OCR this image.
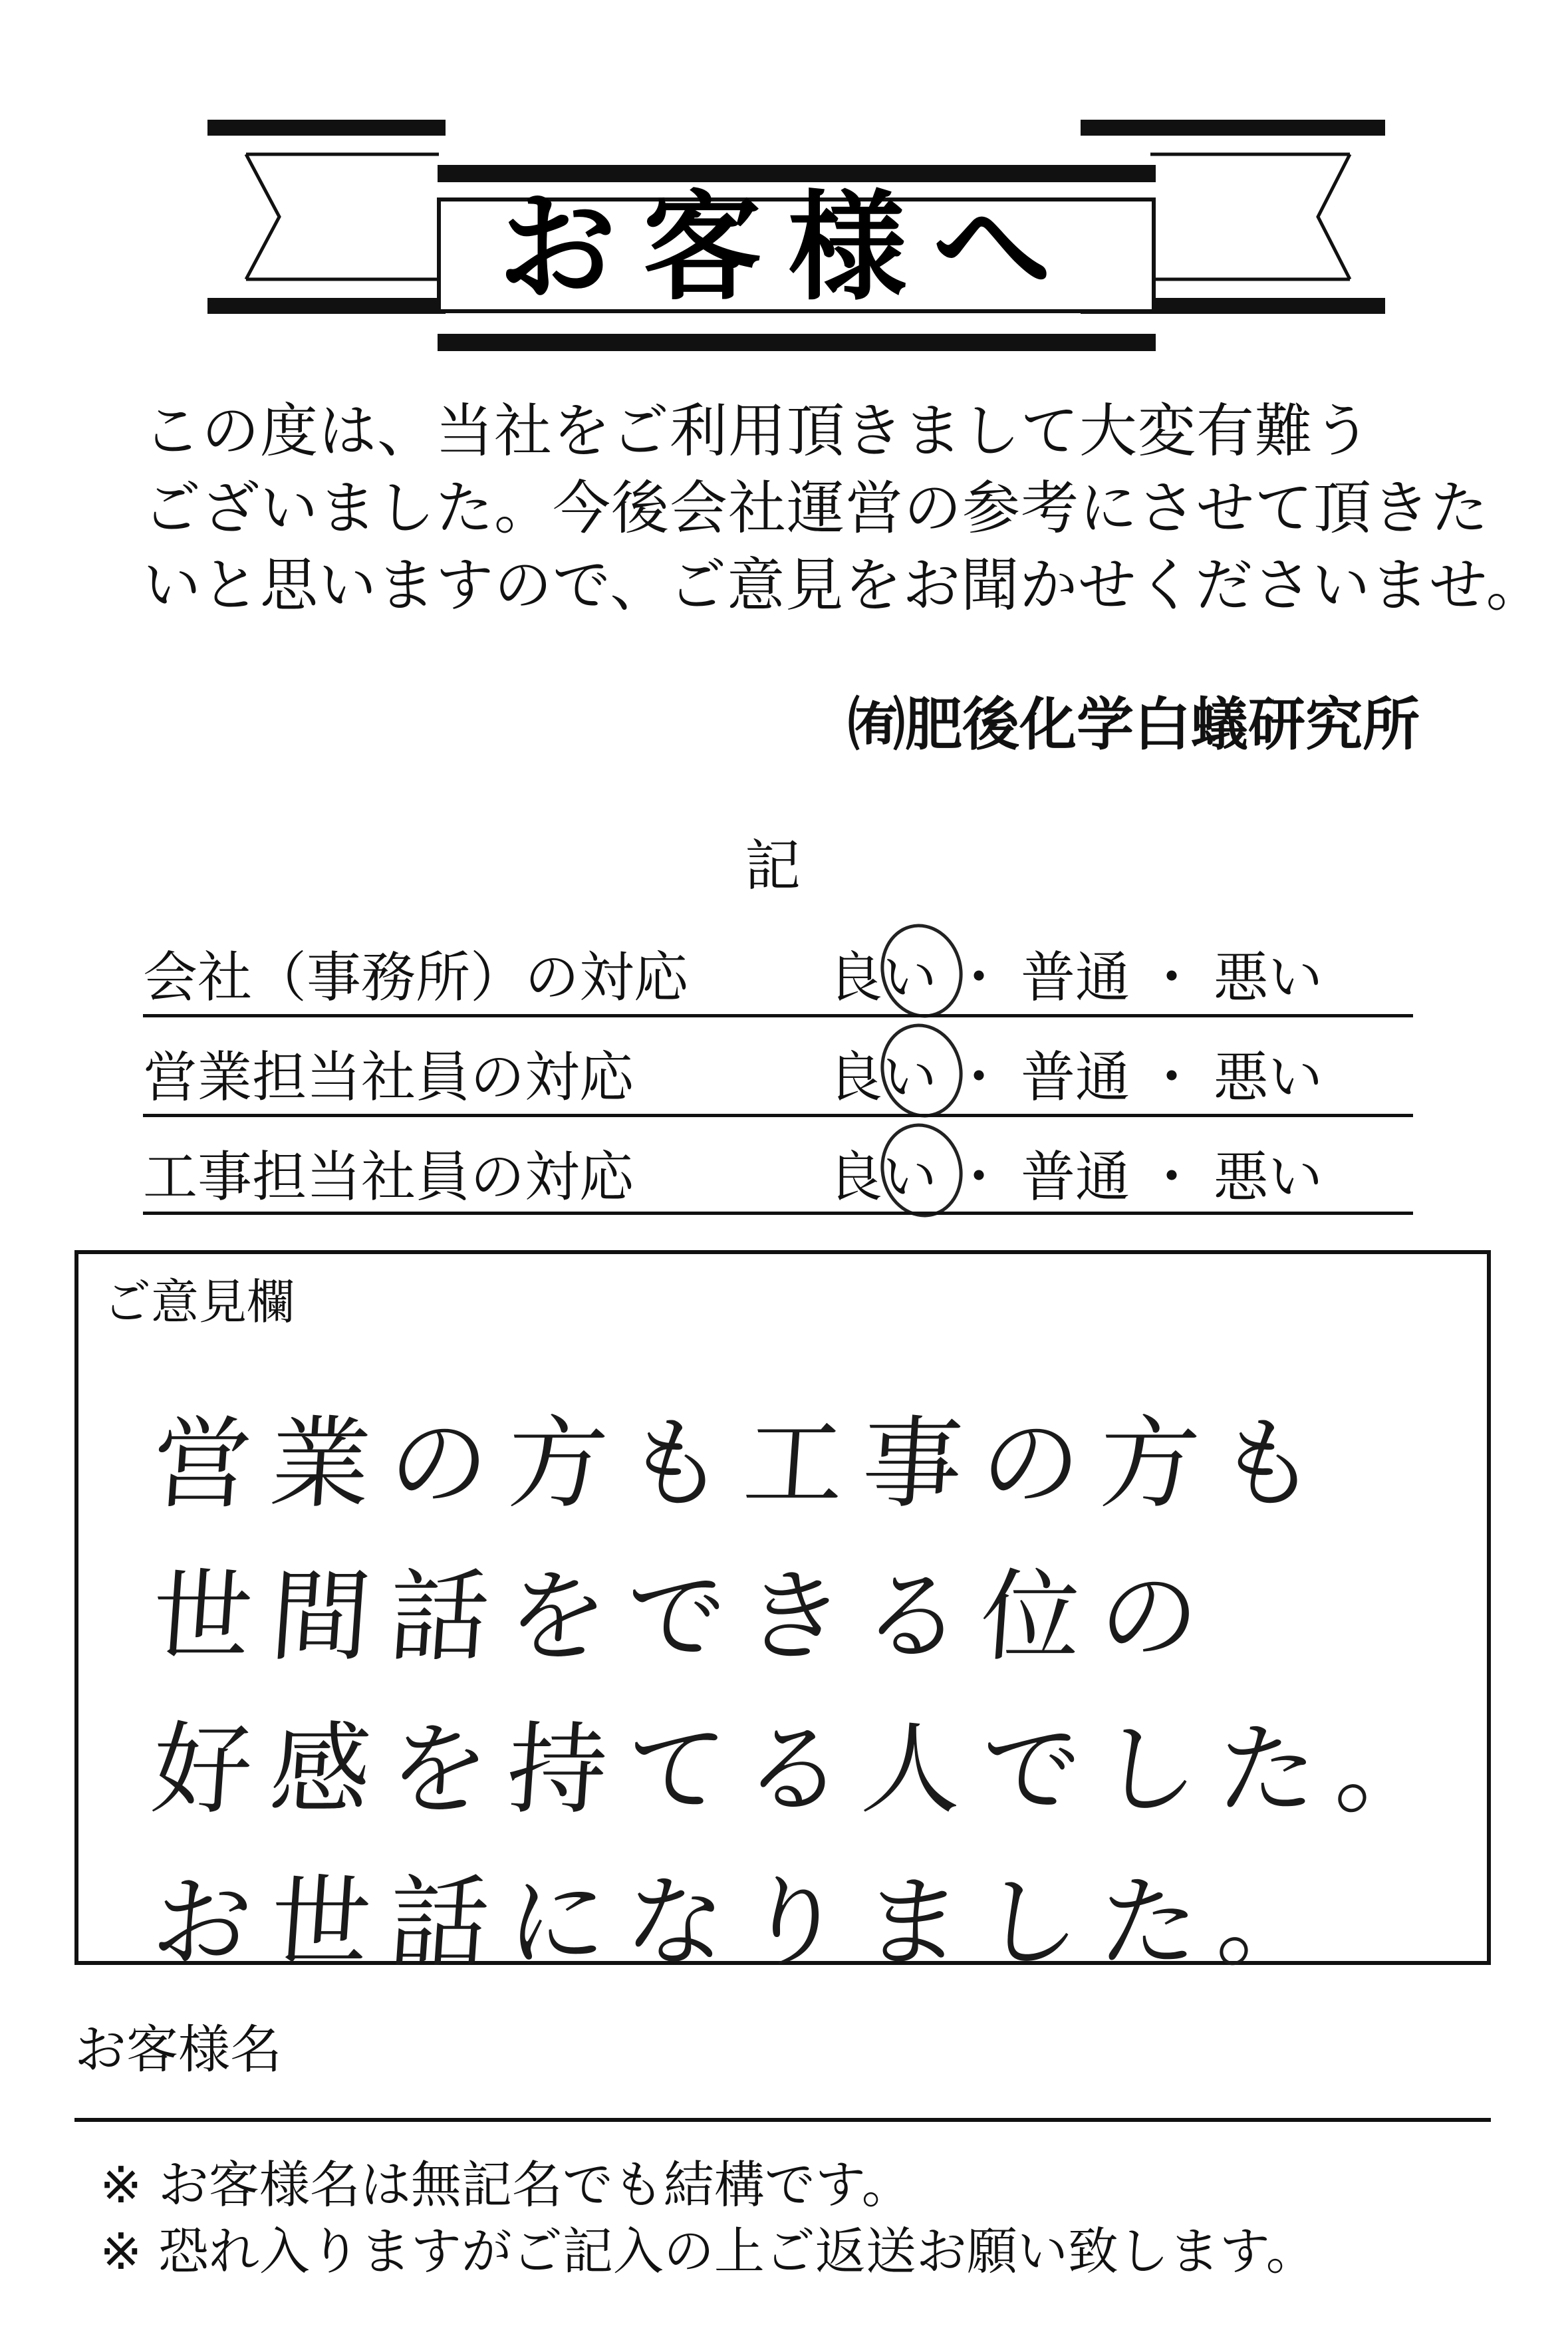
お客様へ
この度は、当社をご利用頂きまして大変有難う
ございました。今後会社運営の参考にさせて頂きた
いと思いますので、ご意見をお聞かせくださいませ。
㈲肥後化学白蟻研究所
記
会社（事務所）の対応	良い ・ 普通 ・ 悪い
営業担当社員の対応	良い ・ 普通 ・ 悪い
工事担当社員の対応	良い ・ 普通 ・ 悪い
ご意見欄
営業の方も工事の方も
世間話をできる位の
好感を持てる人でした。
お世話になりました。
お客様名
※ お客様名は無記名でも結構です。
※ 恐れ入りますがご記入の上ご返送お願い致します。
